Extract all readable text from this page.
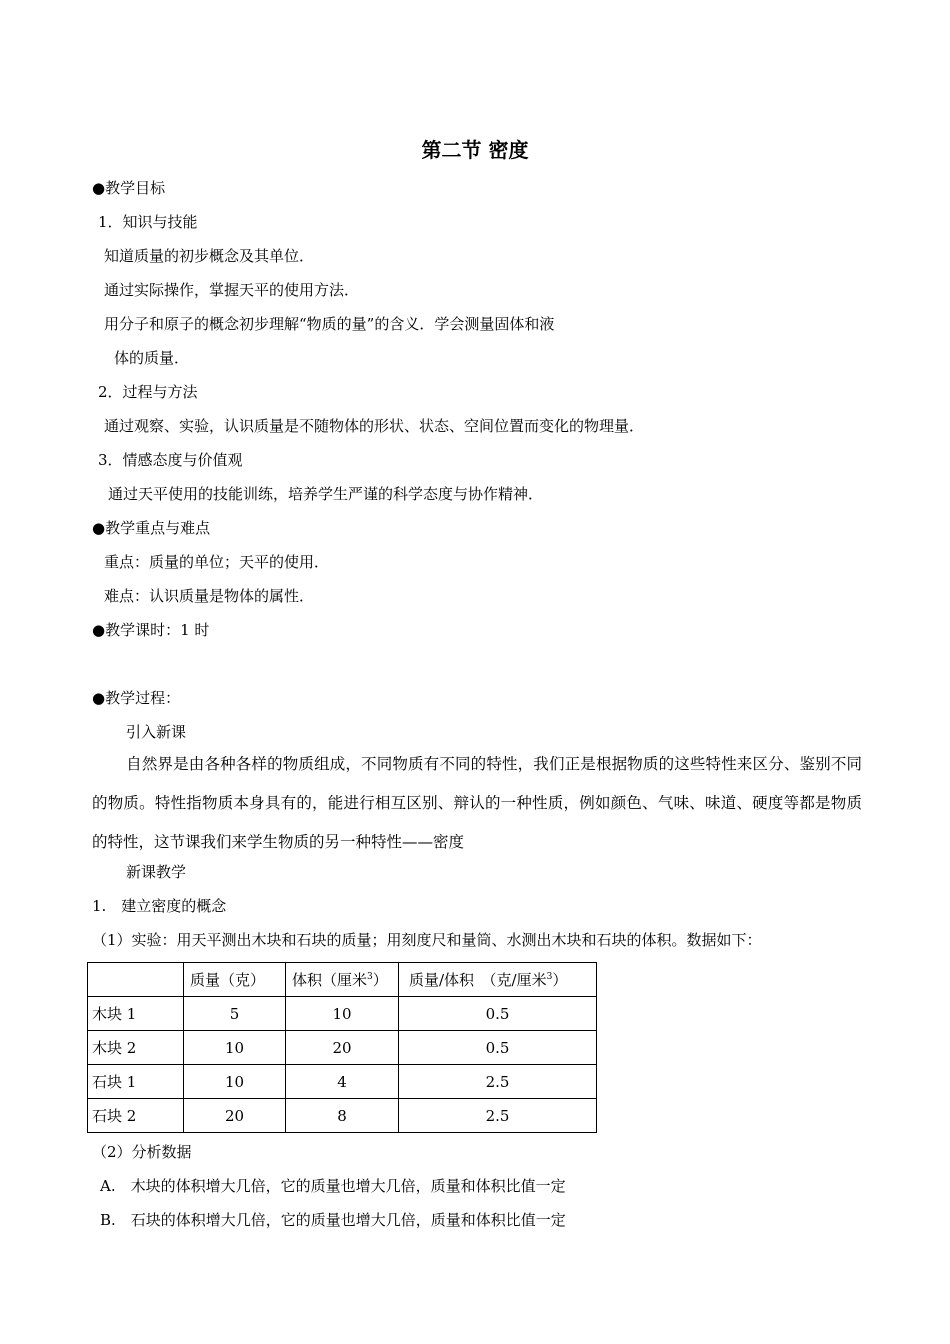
第二节 密度
●教学目标
1．知识与技能
知道质量的初步概念及其单位．
通过实际操作，掌握天平的使用方法．
用分子和原子的概念初步理解“物质的量”的含义．学会测量固体和液
体的质量．
2．过程与方法
通过观察、实验，认识质量是不随物体的形状、状态、空间位置而变化的物理量．
3．情感态度与价值观
通过天平使用的技能训练，培养学生严谨的科学态度与协作精神．
●教学重点与难点
重点：质量的单位；天平的使用．
难点：认识质量是物体的属性．
●教学课时：1 时
●教学过程：
引入新课
自然界是由各种各样的物质组成，不同物质有不同的特性，我们正是根据物质的这些特性来区分、鉴别不同的物质。特性指物质本身具有的，能进行相互区别、辩认的一种性质，例如颜色、气味、味道、硬度等都是物质的特性，这节课我们来学生物质的另一种特性——密度
新课教学
1.　建立密度的概念
（1）实验：用天平测出木块和石块的质量；用刻度尺和量筒、水测出木块和石块的体积。数据如下：
	质量（克）	体积（厘米$^3$）	质量/体积　（克/厘米$^3$）
木块 1	5	10	0.5
木块 2	10	20	0.5
石块 1	10	4	2.5
石块 2	20	8	2.5
（2）分析数据
A.　木块的体积增大几倍，它的质量也增大几倍，质量和体积比值一定
B.　石块的体积增大几倍，它的质量也增大几倍，质量和体积比值一定
